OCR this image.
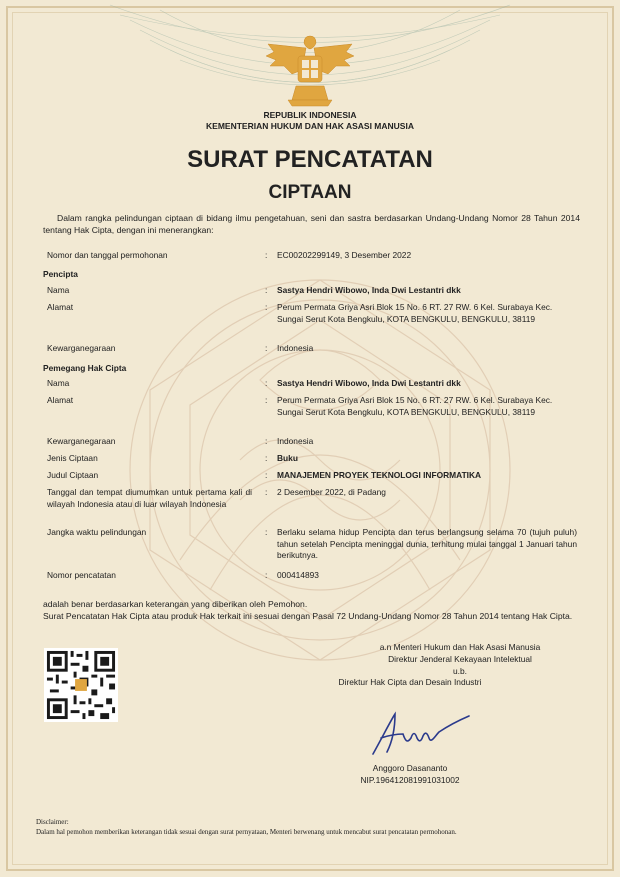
REPUBLIK INDONESIA
KEMENTERIAN HUKUM DAN HAK ASASI MANUSIA
SURAT PENCATATAN
CIPTAAN
Dalam rangka pelindungan ciptaan di bidang ilmu pengetahuan, seni dan sastra berdasarkan Undang-Undang Nomor 28 Tahun 2014 tentang Hak Cipta, dengan ini menerangkan:
Nomor dan tanggal permohonan	: EC00202299149, 3 Desember 2022
Pencipta
Nama	: Sastya Hendri Wibowo, Inda Dwi Lestantri dkk
Alamat	: Perum Permata Griya Asri Blok 15 No. 6 RT. 27 RW. 6 Kel. Surabaya Kec. Sungai Serut Kota Bengkulu, KOTA BENGKULU, BENGKULU, 38119
Kewarganegaraan	: Indonesia
Pemegang Hak Cipta
Nama	: Sastya Hendri Wibowo, Inda Dwi Lestantri dkk
Alamat	: Perum Permata Griya Asri Blok 15 No. 6 RT. 27 RW. 6 Kel. Surabaya Kec. Sungai Serut Kota Bengkulu, KOTA BENGKULU, BENGKULU, 38119
Kewarganegaraan	: Indonesia
Jenis Ciptaan	: Buku
Judul Ciptaan	: MANAJEMEN PROYEK TEKNOLOGI INFORMATIKA
Tanggal dan tempat diumumkan untuk pertama kali di wilayah Indonesia atau di luar wilayah Indonesia
: 2 Desember 2022, di Padang
Jangka waktu pelindungan	: Berlaku selama hidup Pencipta dan terus berlangsung selama 70 (tujuh puluh) tahun setelah Pencipta meninggal dunia, terhitung mulai tanggal 1 Januari tahun berikutnya.
Nomor pencatatan	: 000414893
adalah benar berdasarkan keterangan yang diberikan oleh Pemohon.
Surat Pencatatan Hak Cipta atau produk Hak terkait ini sesuai dengan Pasal 72 Undang-Undang Nomor 28 Tahun 2014 tentang Hak Cipta.
a.n Menteri Hukum dan Hak Asasi Manusia
Direktur Jenderal Kekayaan Intelektual
u.b.
Direktur Hak Cipta dan Desain Industri
Anggoro Dasananto
NIP.196412081991031002
Disclaimer:
Dalam hal pemohon memberikan keterangan tidak sesuai dengan surat pernyataan, Menteri berwenang untuk mencabut surat pencatatan permohonan.
